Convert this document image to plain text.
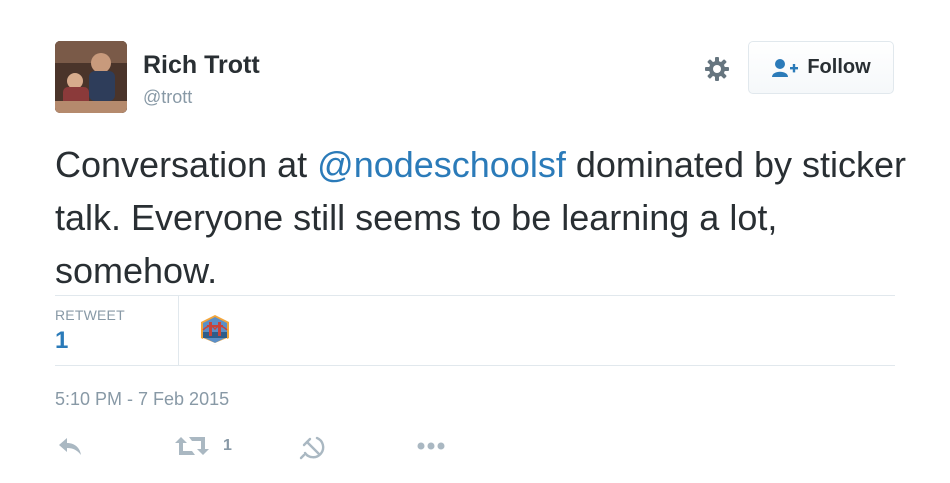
Rich Trott
@trott
Follow
Conversation at @nodeschoolsf dominated by sticker talk. Everyone still seems to be learning a lot, somehow.
RETWEET
1
5:10 PM - 7 Feb 2015
1
